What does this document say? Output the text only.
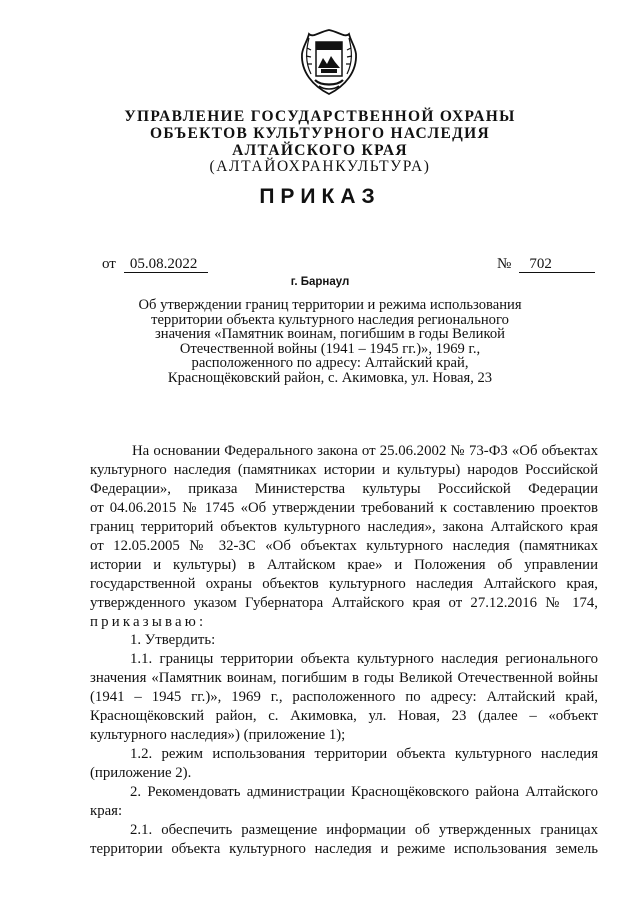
УПРАВЛЕНИЕ ГОСУДАРСТВЕННОЙ ОХРАНЫ
ОБЪЕКТОВ КУЛЬТУРНОГО НАСЛЕДИЯ
АЛТАЙСКОГО КРАЯ
(АЛТАЙОХРАНКУЛЬТУРА)
ПРИКАЗ
от 05.08.2022	№ 702
г. Барнаул
Об утверждении границ территории и режима использования
территории объекта культурного наследия регионального
значения «Памятник воинам, погибшим в годы Великой
Отечественной войны (1941 – 1945 гг.)», 1969 г.,
расположенного по адресу: Алтайский край,
Краснощёковский район, с. Акимовка, ул. Новая, 23
На основании Федерального закона от 25.06.2002 № 73-ФЗ «Об объектах
культурного наследия (памятниках истории и культуры) народов Российской
Федерации», приказа Министерства культуры Российской Федерации
от 04.06.2015 № 1745 «Об утверждении требований к составлению проектов
границ территорий объектов культурного наследия», закона Алтайского края
от 12.05.2005 № 32-ЗС «Об объектах культурного наследия (памятниках
истории и культуры) в Алтайском крае» и Положения об управлении
государственной охраны объектов культурного наследия Алтайского края,
утвержденного указом Губернатора Алтайского края от 27.12.2016 № 174,
приказываю:
1. Утвердить:
1.1. границы территории объекта культурного наследия регионального
значения «Памятник воинам, погибшим в годы Великой Отечественной войны
(1941 – 1945 гг.)», 1969 г., расположенного по адресу: Алтайский край,
Краснощёковский район, с. Акимовка, ул. Новая, 23 (далее – «объект
культурного наследия») (приложение 1);
1.2. режим использования территории объекта культурного наследия
(приложение 2).
2. Рекомендовать администрации Краснощёковского района Алтайского
края:
2.1. обеспечить размещение информации об утвержденных границах
территории объекта культурного наследия и режиме использования земель
